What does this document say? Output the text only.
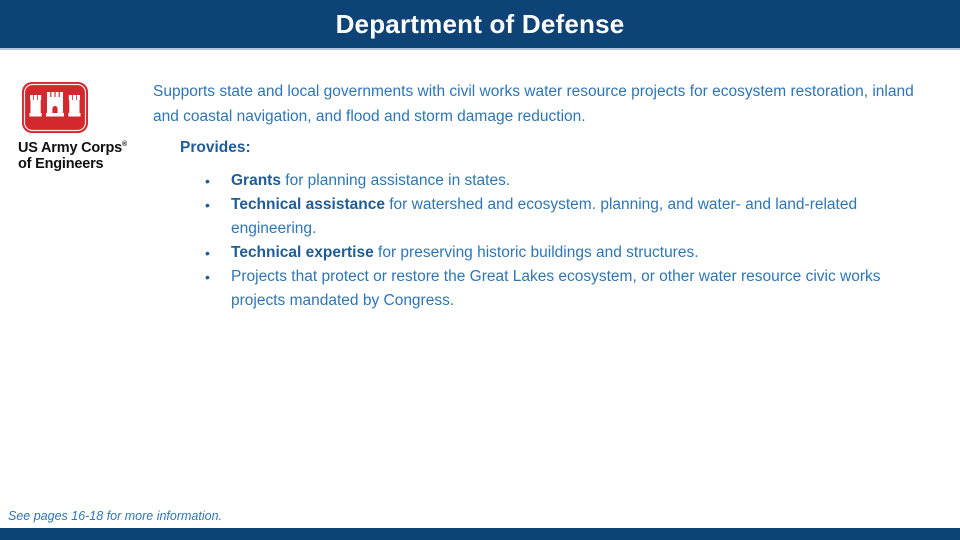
Department of Defense
US Army Corps®
of Engineers
Supports state and local governments with civil works water resource projects for ecosystem restoration, inland and coastal navigation, and flood and storm damage reduction.
Provides:
• Grants for planning assistance in states.
• Technical assistance for watershed and ecosystem. planning, and water- and land-related engineering.
• Technical expertise for preserving historic buildings and structures.
• Projects that protect or restore the Great Lakes ecosystem, or other water resource civic works projects mandated by Congress.
See pages 16-18 for more information.
